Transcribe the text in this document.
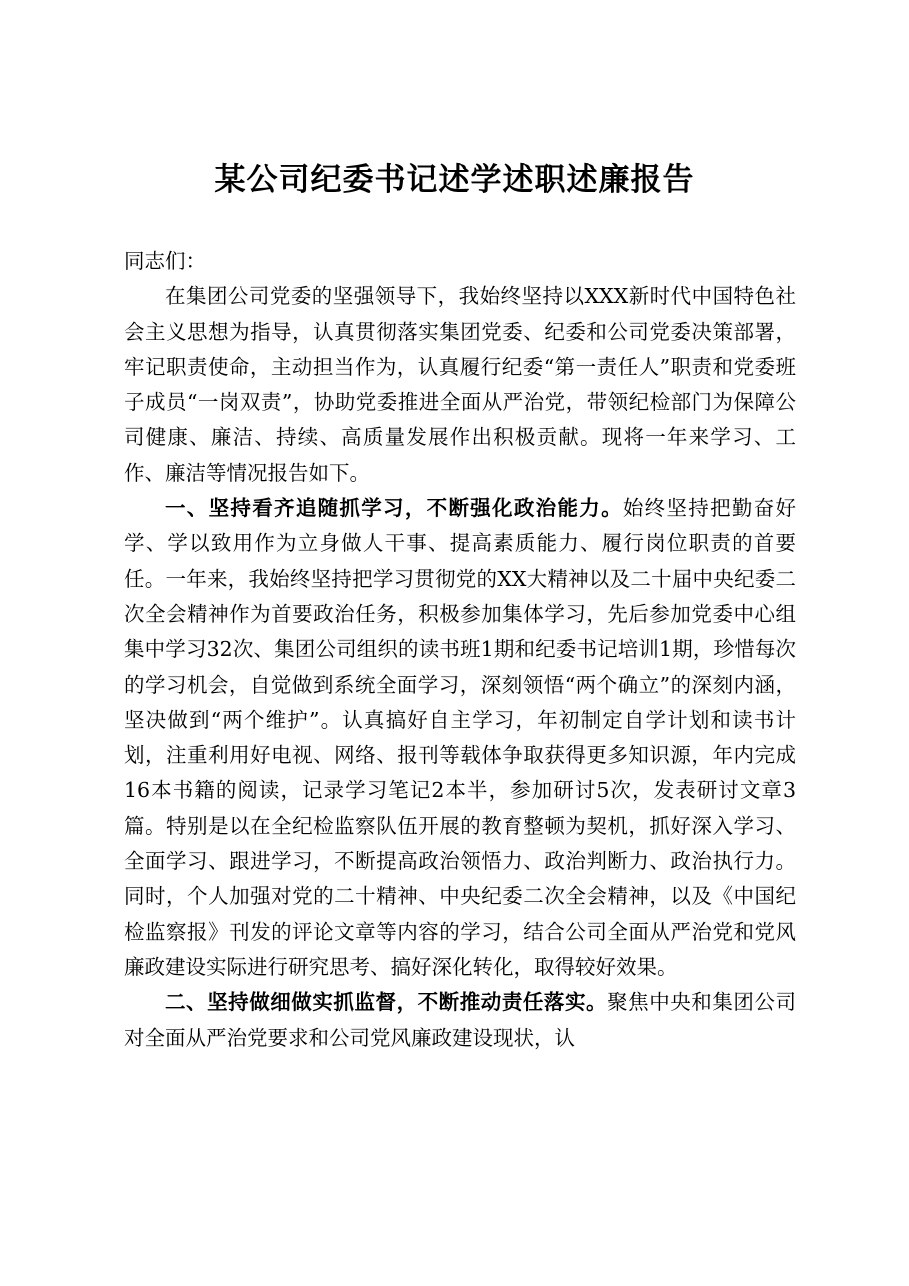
某公司纪委书记述学述职述廉报告

同志们：

在集团公司党委的坚强领导下，我始终坚持以XXX新时代中国特色社会主义思想为指导，认真贯彻落实集团党委、纪委和公司党委决策部署，牢记职责使命，主动担当作为，认真履行纪委“第一责任人”职责和党委班子成员“一岗双责”，协助党委推进全面从严治党，带领纪检部门为保障公司健康、廉洁、持续、高质量发展作出积极贡献。现将一年来学习、工作、廉洁等情况报告如下。

一、坚持看齐追随抓学习，不断强化政治能力。始终坚持把勤奋好学、学以致用作为立身做人干事、提高素质能力、履行岗位职责的首要任。一年来，我始终坚持把学习贯彻党的XX大精神以及二十届中央纪委二次全会精神作为首要政治任务，积极参加集体学习，先后参加党委中心组集中学习32次、集团公司组织的读书班1期和纪委书记培训1期，珍惜每次的学习机会，自觉做到系统全面学习，深刻领悟“两个确立”的深刻内涵，坚决做到“两个维护”。认真搞好自主学习，年初制定自学计划和读书计划，注重利用好电视、网络、报刊等载体争取获得更多知识源，年内完成16本书籍的阅读，记录学习笔记2本半，参加研讨5次，发表研讨文章3篇。特别是以在全纪检监察队伍开展的教育整顿为契机，抓好深入学习、全面学习、跟进学习，不断提高政治领悟力、政治判断力、政治执行力。同时，个人加强对党的二十精神、中央纪委二次全会精神，以及《中国纪检监察报》刊发的评论文章等内容的学习，结合公司全面从严治党和党风廉政建设实际进行研究思考、搞好深化转化，取得较好效果。

二、坚持做细做实抓监督，不断推动责任落实。聚焦中央和集团公司对全面从严治党要求和公司党风廉政建设现状，认
